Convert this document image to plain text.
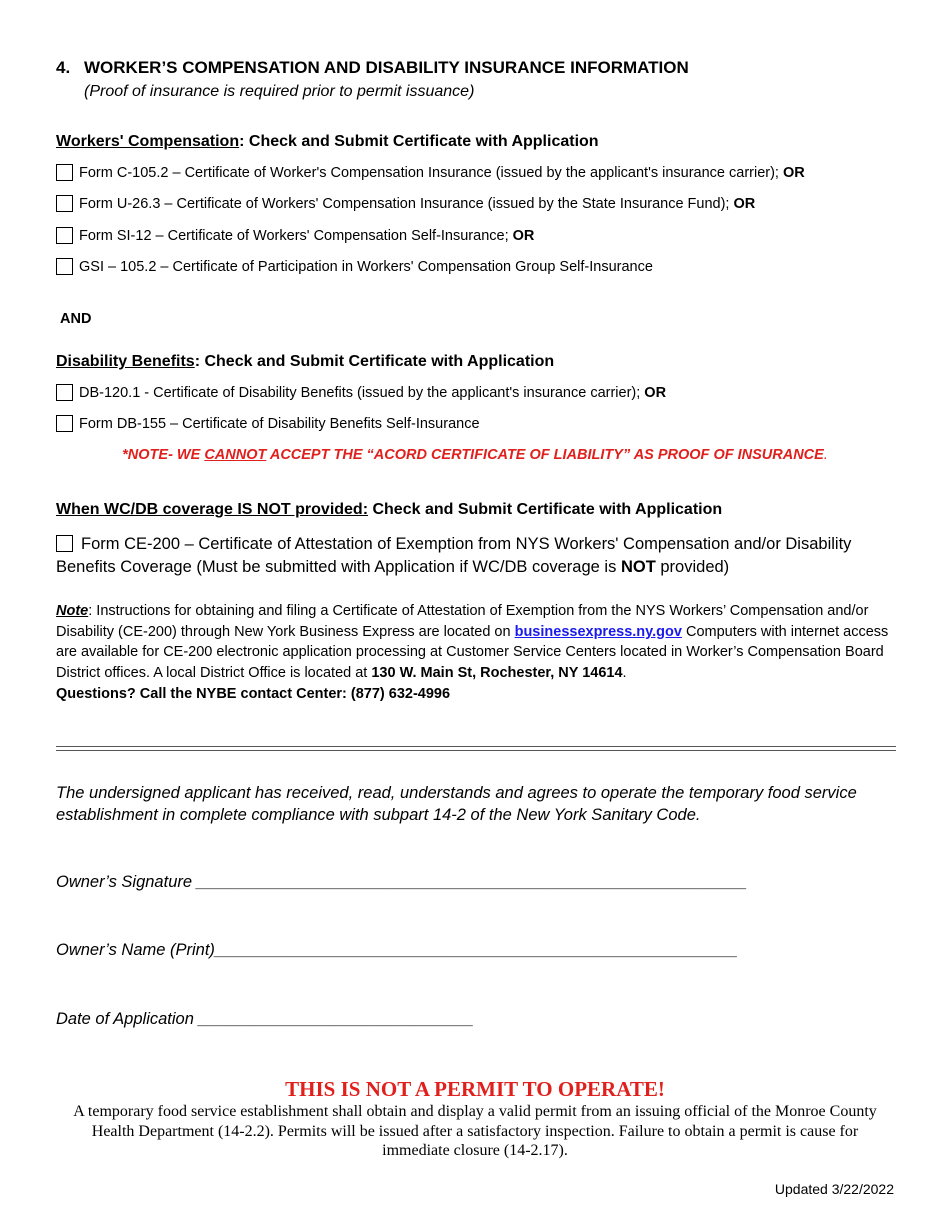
4. WORKER’S COMPENSATION AND DISABILITY INSURANCE INFORMATION
(Proof of insurance is required prior to permit issuance)
Workers' Compensation: Check and Submit Certificate with Application
Form C-105.2 – Certificate of Worker's Compensation Insurance (issued by the applicant's insurance carrier);
OR
Form U-26.3 – Certificate of Workers' Compensation Insurance (issued by the State Insurance Fund);
OR
Form SI-12 – Certificate of Workers' Compensation Self-Insurance;
OR
GSI – 105.2 – Certificate of Participation in Workers' Compensation Group Self-Insurance
AND
Disability Benefits: Check and Submit Certificate with Application
DB-120.1 - Certificate of Disability Benefits (issued by the applicant's insurance carrier);
OR
Form DB-155 – Certificate of Disability Benefits Self-Insurance
*NOTE- WE CANNOT ACCEPT THE “ACORD CERTIFICATE OF LIABILITY” AS PROOF OF INSURANCE.
When WC/DB coverage IS NOT provided: Check and Submit Certificate with Application
Form CE-200 – Certificate of Attestation of Exemption from NYS Workers' Compensation and/or Disability Benefits Coverage (Must be submitted with Application if WC/DB coverage is NOT provided)
Note: Instructions for obtaining and filing a Certificate of Attestation of Exemption from the NYS Workers’ Compensation and/or Disability (CE-200) through New York Business Express are located on businessexpress.ny.gov Computers with internet access are available for CE-200 electronic application processing at Customer Service Centers located in Worker’s Compensation Board District offices. A local District Office is located at 130 W. Main St, Rochester, NY 14614.
Questions? Call the NYBE contact Center: (877) 632-4996
The undersigned applicant has received, read, understands and agrees to operate the temporary food service establishment in complete compliance with subpart 14-2 of the New York Sanitary Code.
Owner’s Signature ____________________________________________________________
Owner’s Name (Print)_________________________________________________________
Date of Application ______________________________
THIS IS NOT A PERMIT TO OPERATE!
A temporary food service establishment shall obtain and display a valid permit from an issuing official of the Monroe County Health Department (14-2.2). Permits will be issued after a satisfactory inspection. Failure to obtain a permit is cause for immediate closure (14-2.17).
Updated 3/22/2022
